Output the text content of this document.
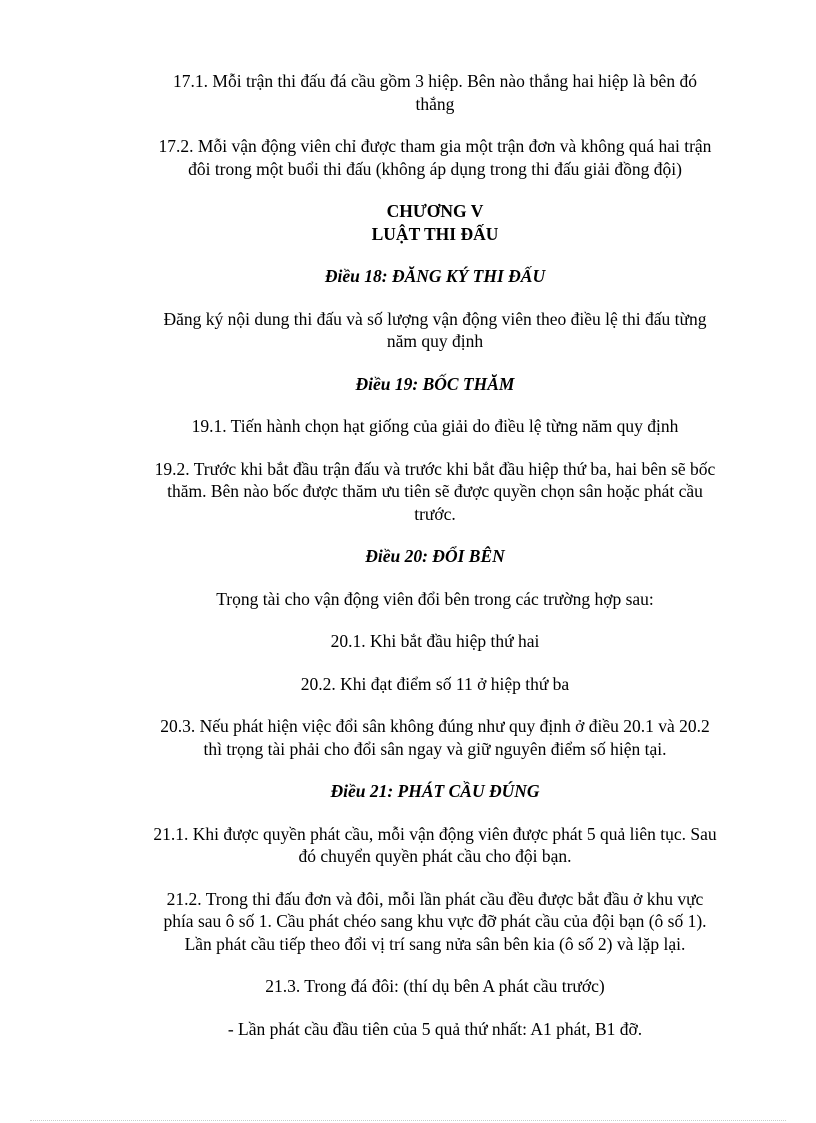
17.1. Mỗi trận thi đấu đá cầu gồm 3 hiệp. Bên nào thắng hai hiệp là bên đó
thắng
17.2. Mỗi vận động viên chỉ được tham gia một trận đơn và không quá hai trận
đôi trong một buổi thi đấu (không áp dụng trong thi đấu giải đồng đội)
CHƯƠNG V
LUẬT THI ĐẤU
Điều 18: ĐĂNG KÝ THI ĐẤU
Đăng ký nội dung thi đấu và số lượng vận động viên theo điều lệ thi đấu từng
năm quy định
Điều 19: BỐC THĂM
19.1. Tiến hành chọn hạt giống của giải do điều lệ từng năm quy định
19.2. Trước khi bắt đầu trận đấu và trước khi bắt đầu hiệp thứ ba, hai bên sẽ bốc
thăm. Bên nào bốc được thăm ưu tiên sẽ được quyền chọn sân hoặc phát cầu
trước.
Điều 20: ĐỔI BÊN
Trọng tài cho vận động viên đổi bên trong các trường hợp sau:
20.1. Khi bắt đầu hiệp thứ hai
20.2. Khi đạt điểm số 11 ở hiệp thứ ba
20.3. Nếu phát hiện việc đổi sân không đúng như quy định ở điều 20.1 và 20.2
thì trọng tài phải cho đổi sân ngay và giữ nguyên điểm số hiện tại.
Điều 21: PHÁT CẦU ĐÚNG
21.1. Khi được quyền phát cầu, mỗi vận động viên được phát 5 quả liên tục. Sau
đó chuyển quyền phát cầu cho đội bạn.
21.2. Trong thi đấu đơn và đôi, mỗi lần phát cầu đều được bắt đầu ở khu vực
phía sau ô số 1. Cầu phát chéo sang khu vực đỡ phát cầu của đội bạn (ô số 1).
Lần phát cầu tiếp theo đổi vị trí sang nửa sân bên kia (ô số 2) và lặp lại.
21.3. Trong đá đôi: (thí dụ bên A phát cầu trước)
- Lần phát cầu đầu tiên của 5 quả thứ nhất: A1 phát, B1 đỡ.
